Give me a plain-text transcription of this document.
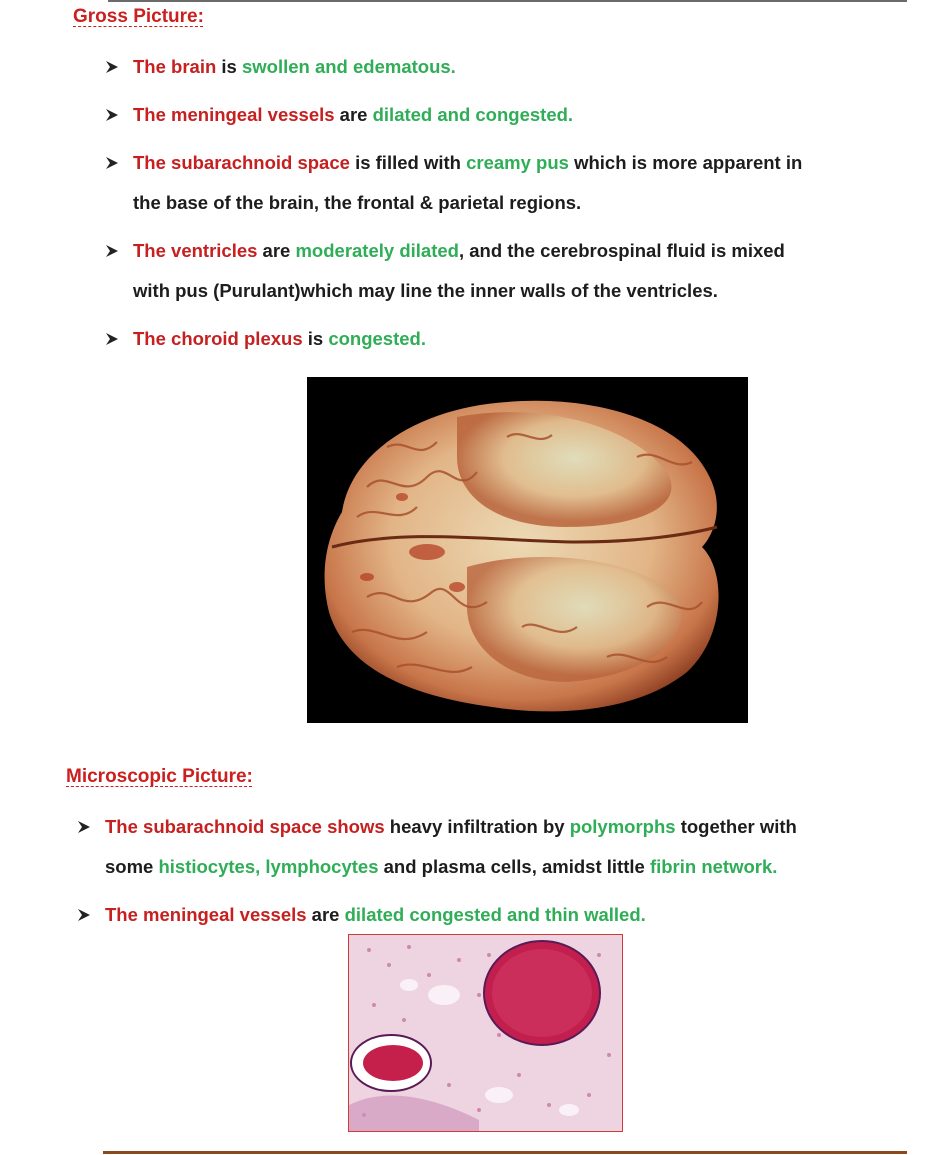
Gross Picture:
The brain is swollen and edematous.
The meningeal vessels are dilated and congested.
The subarachnoid space is filled with creamy pus which is more apparent in
the base of the brain, the frontal & parietal regions.
The ventricles are moderately dilated, and the cerebrospinal fluid is mixed
with pus (Purulant)which may line the inner walls of the ventricles.
The choroid plexus is congested.
Microscopic Picture:
The subarachnoid space shows heavy infiltration by polymorphs together with
some histiocytes, lymphocytes and plasma cells, amidst little fibrin network.
The meningeal vessels are dilated congested and thin walled.
